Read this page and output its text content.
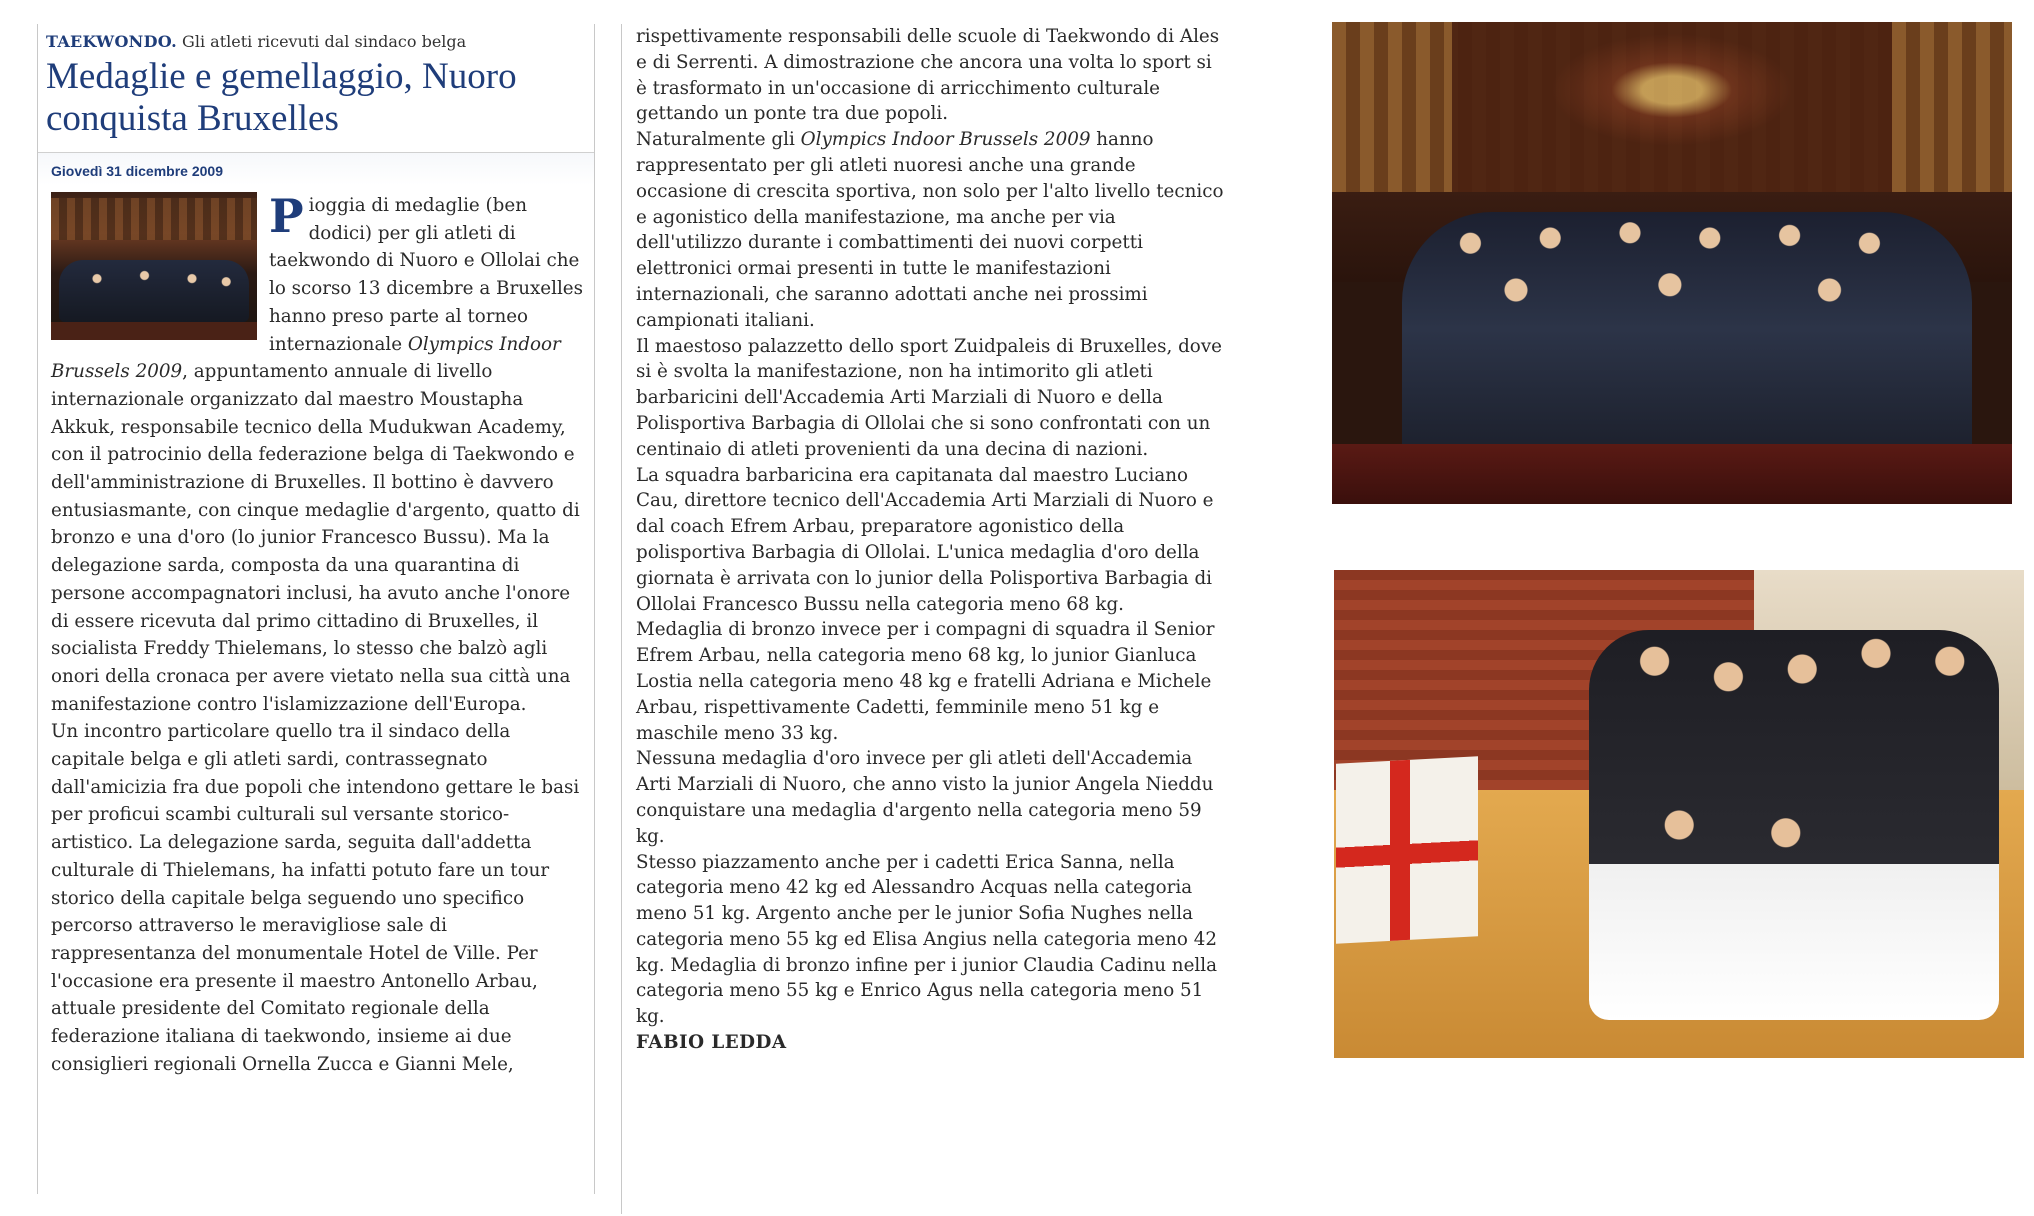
TAEKWONDO. Gli atleti ricevuti dal sindaco belga
Medaglie e gemellaggio, Nuoro conquista Bruxelles
Giovedì 31 dicembre 2009

Pioggia di medaglie (ben dodici) per gli atleti di taekwondo di Nuoro e Ollolai che lo scorso 13 dicembre a Bruxelles hanno preso parte al torneo internazionale Olympics Indoor Brussels 2009, appuntamento annuale di livello internazionale organizzato dal maestro Moustapha Akkuk, responsabile tecnico della Mudukwan Academy, con il patrocinio della federazione belga di Taekwondo e dell'amministrazione di Bruxelles. Il bottino è davvero entusiasmante, con cinque medaglie d'argento, quatto di bronzo e una d'oro (lo junior Francesco Bussu). Ma la delegazione sarda, composta da una quarantina di persone accompagnatori inclusi, ha avuto anche l'onore di essere ricevuta dal primo cittadino di Bruxelles, il socialista Freddy Thielemans, lo stesso che balzò agli onori della cronaca per avere vietato nella sua città una manifestazione contro l'islamizzazione dell'Europa.

Un incontro particolare quello tra il sindaco della capitale belga e gli atleti sardi, contrassegnato dall'amicizia fra due popoli che intendono gettare le basi per proficui scambi culturali sul versante storico-artistico. La delegazione sarda, seguita dall'addetta culturale di Thielemans, ha infatti potuto fare un tour storico della capitale belga seguendo uno specifico percorso attraverso le meravigliose sale di rappresentanza del monumentale Hotel de Ville. Per l'occasione era presente il maestro Antonello Arbau, attuale presidente del Comitato regionale della federazione italiana di taekwondo, insieme ai due consiglieri regionali Ornella Zucca e Gianni Mele,

rispettivamente responsabili delle scuole di Taekwondo di Ales e di Serrenti. A dimostrazione che ancora una volta lo sport si è trasformato in un'occasione di arricchimento culturale gettando un ponte tra due popoli.

Naturalmente gli Olympics Indoor Brussels 2009 hanno rappresentato per gli atleti nuoresi anche una grande occasione di crescita sportiva, non solo per l'alto livello tecnico e agonistico della manifestazione, ma anche per via dell'utilizzo durante i combattimenti dei nuovi corpetti elettronici ormai presenti in tutte le manifestazioni internazionali, che saranno adottati anche nei prossimi campionati italiani.

Il maestoso palazzetto dello sport Zuidpaleis di Bruxelles, dove si è svolta la manifestazione, non ha intimorito gli atleti barbaricini dell'Accademia Arti Marziali di Nuoro e della Polisportiva Barbagia di Ollolai che si sono confrontati con un centinaio di atleti provenienti da una decina di nazioni.

La squadra barbaricina era capitanata dal maestro Luciano Cau, direttore tecnico dell'Accademia Arti Marziali di Nuoro e dal coach Efrem Arbau, preparatore agonistico della polisportiva Barbagia di Ollolai. L'unica medaglia d'oro della giornata è arrivata con lo junior della Polisportiva Barbagia di Ollolai Francesco Bussu nella categoria meno 68 kg.

Medaglia di bronzo invece per i compagni di squadra il Senior Efrem Arbau, nella categoria meno 68 kg, lo junior Gianluca Lostia nella categoria meno 48 kg e fratelli Adriana e Michele Arbau, rispettivamente Cadetti, femminile meno 51 kg e maschile meno 33 kg.

Nessuna medaglia d'oro invece per gli atleti dell'Accademia Arti Marziali di Nuoro, che anno visto la junior Angela Nieddu conquistare una medaglia d'argento nella categoria meno 59 kg.

Stesso piazzamento anche per i cadetti Erica Sanna, nella categoria meno 42 kg ed Alessandro Acquas nella categoria meno 51 kg. Argento anche per le junior Sofia Nughes nella categoria meno 55 kg ed Elisa Angius nella categoria meno 42 kg. Medaglia di bronzo infine per i junior Claudia Cadinu nella categoria meno 55 kg e Enrico Agus nella categoria meno 51 kg.

FABIO LEDDA
